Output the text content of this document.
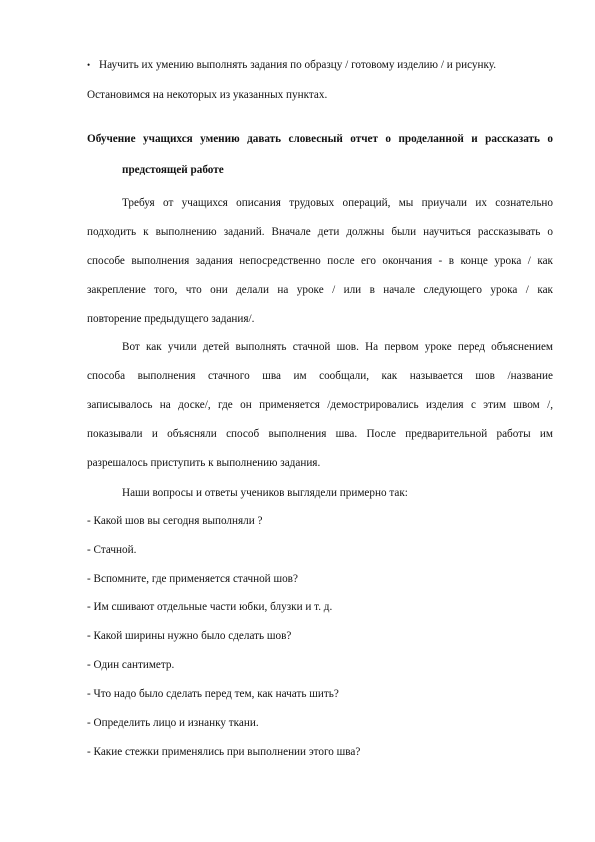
• Научить их умению выполнять задания по образцу / готовому изделию / и рисунку.
Остановимся на некоторых из указанных пунктах.
Обучение учащихся умению давать словесный отчет о проделанной и рассказать о
предстоящей работе
Требуя от учащихся описания трудовых операций, мы приучали их сознательно
подходить к выполнению заданий. Вначале дети должны были научиться рассказывать о
способе выполнения задания непосредственно после его окончания - в конце урока / как
закрепление того, что они делали на уроке / или в начале следующего урока / как
повторение предыдущего задания/.
Вот как учили детей выполнять стачной шов. На первом уроке перед объяснением
способа выполнения стачного шва им сообщали, как называется шов /название
записывалось на доске/, где он применяется /демострировались изделия с этим швом /,
показывали и объясняли способ выполнения шва. После предварительной работы им
разрешалось приступить к выполнению задания.
Наши вопросы и ответы учеников выглядели примерно так:
- Какой шов вы сегодня выполняли ?
- Стачной.
- Вспомните, где применяется стачной шов?
- Им сшивают отдельные части юбки, блузки и т. д.
- Какой ширины нужно было сделать шов?
- Один сантиметр.
- Что надо было сделать перед тем, как начать шить?
- Определить лицо и изнанку ткани.
- Какие стежки применялись при выполнении этого шва?
